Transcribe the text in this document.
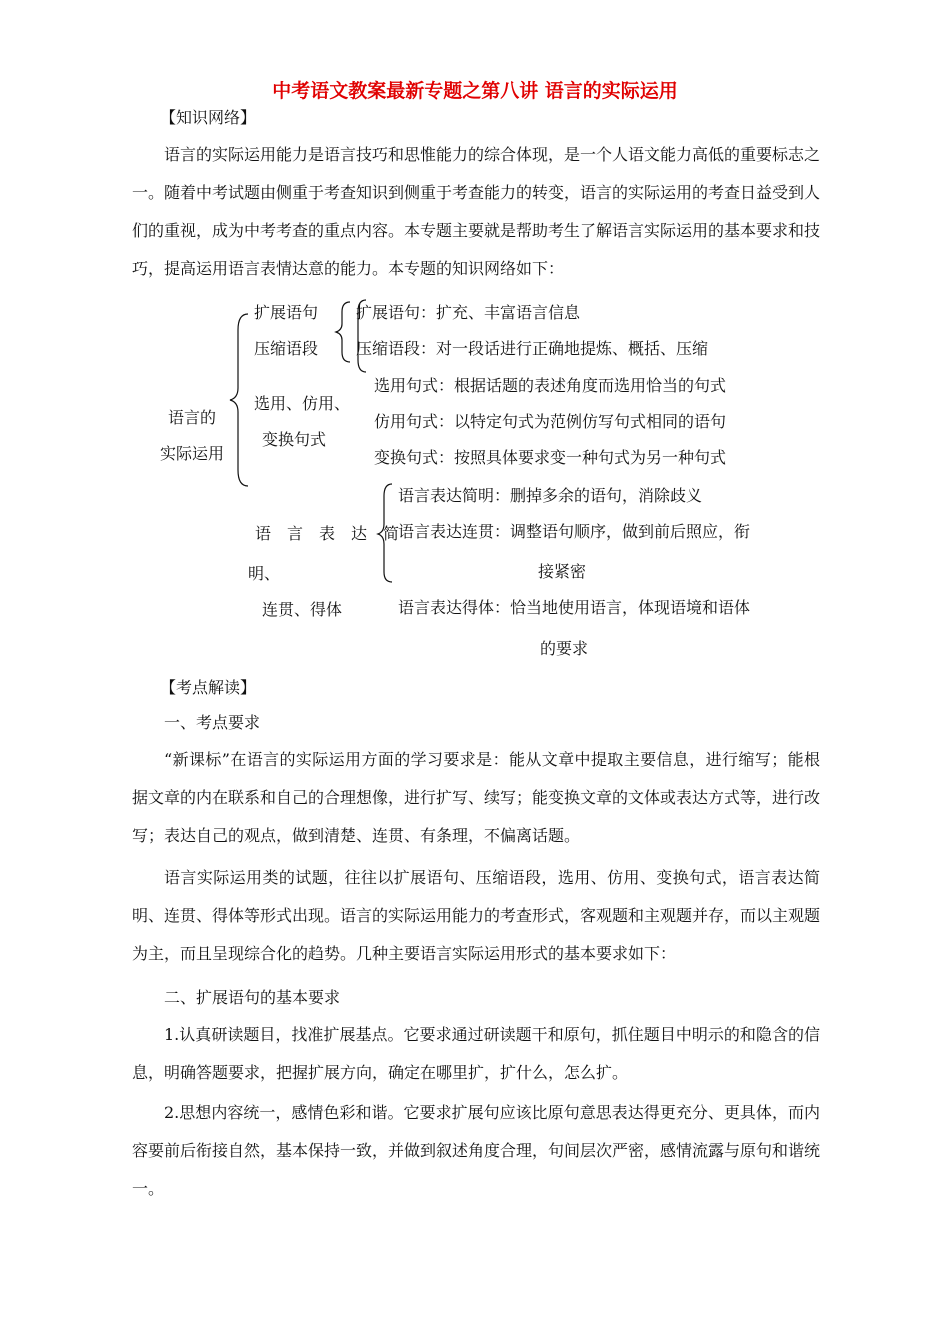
中考语文教案最新专题之第八讲 语言的实际运用
【知识网络】

语言的实际运用能力是语言技巧和思惟能力的综合体现，是一个人语文能力高低的重要标志之一。随着中考试题由侧重于考查知识到侧重于考查能力的转变，语言的实际运用的考查日益受到人们的重视，成为中考考查的重点内容。本专题主要就是帮助考生了解语言实际运用的基本要求和技巧，提高运用语言表情达意的能力。本专题的知识网络如下：

语言的
实际运用
扩展语句
压缩语段
扩展语句：扩充、丰富语言信息
压缩语段：对一段话进行正确地提炼、概括、压缩
选用、仿用、
变换句式
选用句式：根据话题的表述角度而选用恰当的句式
仿用句式：以特定句式为范例仿写句式相同的语句
变换句式：按照具体要求变一种句式为另一种句式
语　言　表　达　简
明、
连贯、得体
语言表达简明：删掉多余的语句，消除歧义
语言表达连贯：调整语句顺序，做到前后照应，衔
接紧密
语言表达得体：恰当地使用语言，体现语境和语体
的要求
【考点解读】
一、考点要求

“新课标”在语言的实际运用方面的学习要求是：能从文章中提取主要信息，进行缩写；能根据文章的内在联系和自己的合理想像，进行扩写、续写；能变换文章的文体或表达方式等，进行改写；表达自己的观点，做到清楚、连贯、有条理，不偏离话题。

语言实际运用类的试题，往往以扩展语句、压缩语段，选用、仿用、变换句式，语言表达简明、连贯、得体等形式出现。语言的实际运用能力的考查形式，客观题和主观题并存，而以主观题为主，而且呈现综合化的趋势。几种主要语言实际运用形式的基本要求如下：

二、扩展语句的基本要求

1.认真研读题目，找准扩展基点。它要求通过研读题干和原句，抓住题目中明示的和隐含的信息，明确答题要求，把握扩展方向，确定在哪里扩，扩什么，怎么扩。

2.思想内容统一，感情色彩和谐。它要求扩展句应该比原句意思表达得更充分、更具体，而内容要前后衔接自然，基本保持一致，并做到叙述角度合理，句间层次严密，感情流露与原句和谐统一。
